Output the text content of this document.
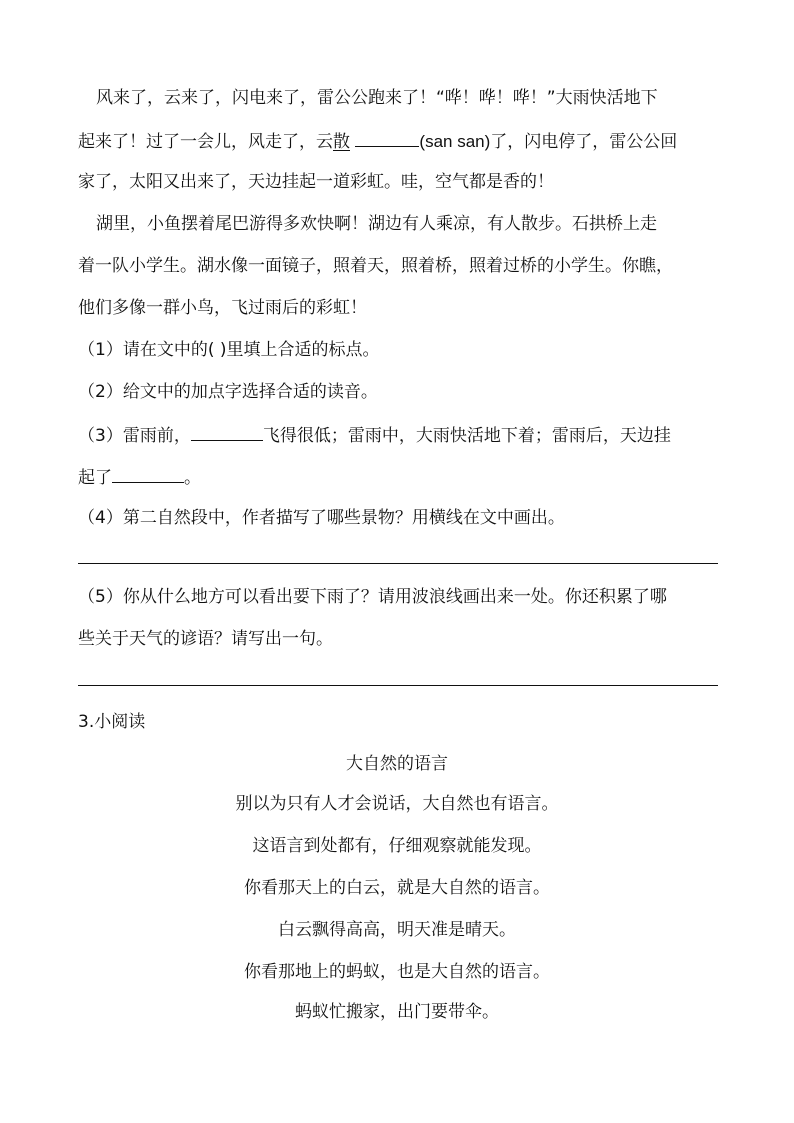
风来了，云来了，闪电来了，雷公公跑来了！“哗！哗！哗！”大雨快活地下
起来了！过了一会儿，风走了，云散	(san san)了，闪电停了，雷公公回
家了，太阳又出来了，天边挂起一道彩虹。哇，空气都是香的！
湖里，小鱼摆着尾巴游得多欢快啊！湖边有人乘凉，有人散步。石拱桥上走
着一队小学生。湖水像一面镜子，照着天，照着桥，照着过桥的小学生。你瞧，
他们多像一群小鸟，飞过雨后的彩虹！
（1）请在文中的( )里填上合适的标点。
（2）给文中的加点字选择合适的读音。
（3）雷雨前，	飞得很低；雷雨中，大雨快活地下着；雷雨后，天边挂
起了	。
（4）第二自然段中，作者描写了哪些景物？用横线在文中画出。
（5）你从什么地方可以看出要下雨了？请用波浪线画出来一处。你还积累了哪
些关于天气的谚语？请写出一句。
3.小阅读
大自然的语言
别以为只有人才会说话，大自然也有语言。
这语言到处都有，仔细观察就能发现。
你看那天上的白云，就是大自然的语言。
白云飘得高高，明天准是晴天。
你看那地上的蚂蚁，也是大自然的语言。
蚂蚁忙搬家，出门要带伞。
